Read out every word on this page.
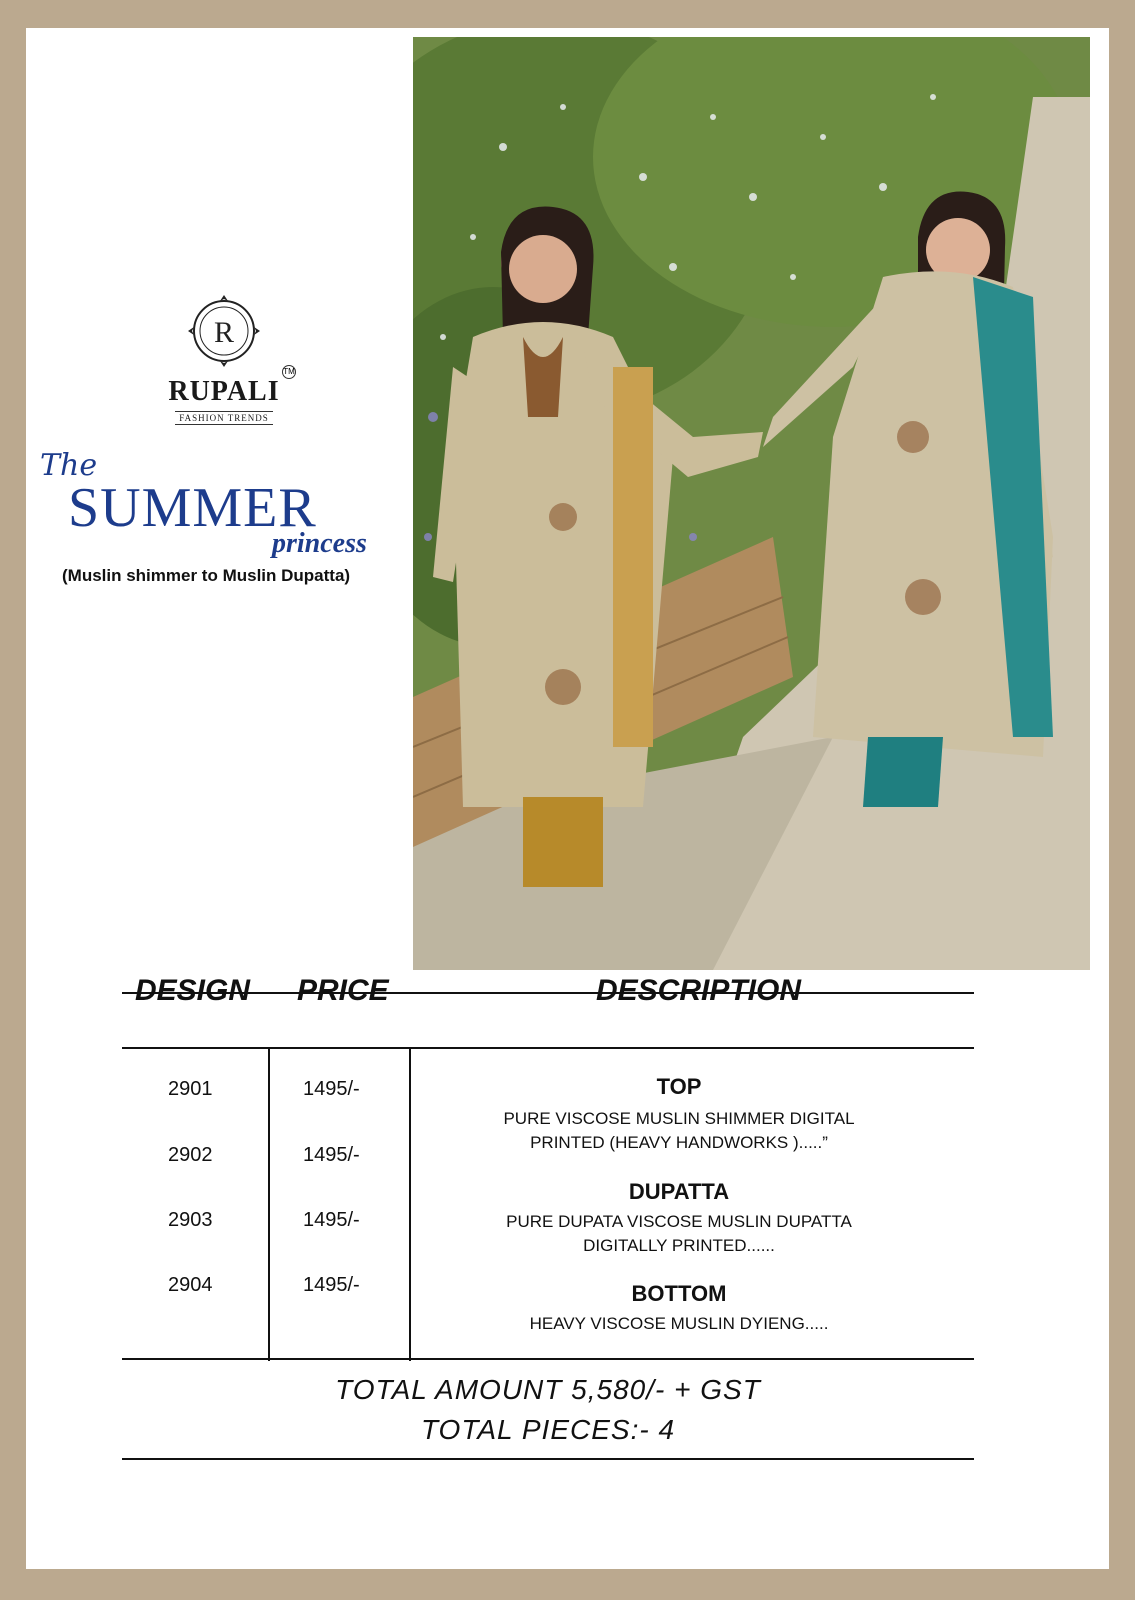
R
RUPALI
FASHION TRENDS
TM
The
SUMMER
princess
(Muslin shimmer to Muslin Dupatta)
DESIGN PRICE	DESCRIPTION
2901	1495/-
2902	1495/-
2903	1495/-
2904	1495/-
TOP
PURE VISCOSE MUSLIN SHIMMER DIGITAL
PRINTED (HEAVY HANDWORKS ).....”
DUPATTA
PURE DUPATA VISCOSE MUSLIN DUPATTA
DIGITALLY PRINTED......
BOTTOM
HEAVY VISCOSE MUSLIN DYIENG.....
TOTAL AMOUNT 5,580/- + GST
TOTAL PIECES:- 4
